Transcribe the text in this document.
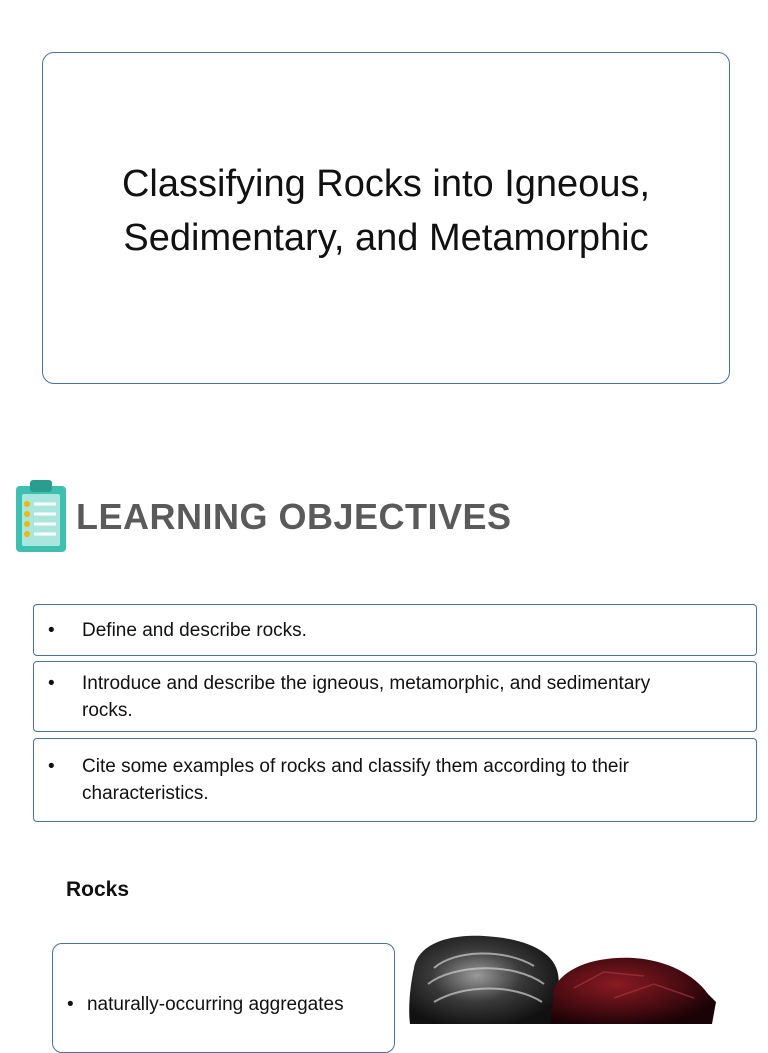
Classifying Rocks into Igneous,
Sedimentary, and Metamorphic
LEARNING OBJECTIVES
• Define and describe rocks.
• Introduce and describe the igneous, metamorphic, and sedimentary
rocks.
• Cite some examples of rocks and classify them according to their
characteristics.
Rocks
• naturally-occurring aggregates
